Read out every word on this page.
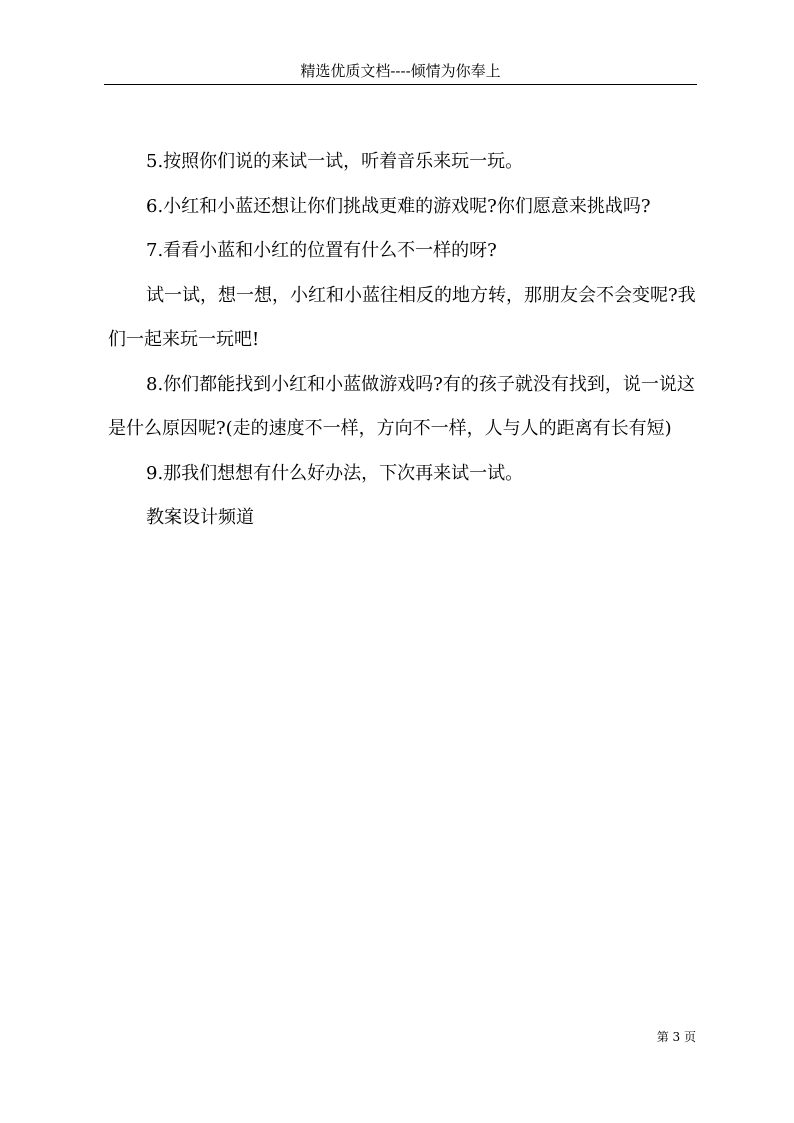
精选优质文档----倾情为你奉上

5.按照你们说的来试一试，听着音乐来玩一玩。

6.小红和小蓝还想让你们挑战更难的游戏呢?你们愿意来挑战吗?

7.看看小蓝和小红的位置有什么不一样的呀?

试一试，想一想，小红和小蓝往相反的地方转，那朋友会不会变呢?我们一起来玩一玩吧!

8.你们都能找到小红和小蓝做游戏吗?有的孩子就没有找到，说一说这是什么原因呢?(走的速度不一样，方向不一样，人与人的距离有长有短)

9.那我们想想有什么好办法，下次再来试一试。

教案设计频道

第 3 页
